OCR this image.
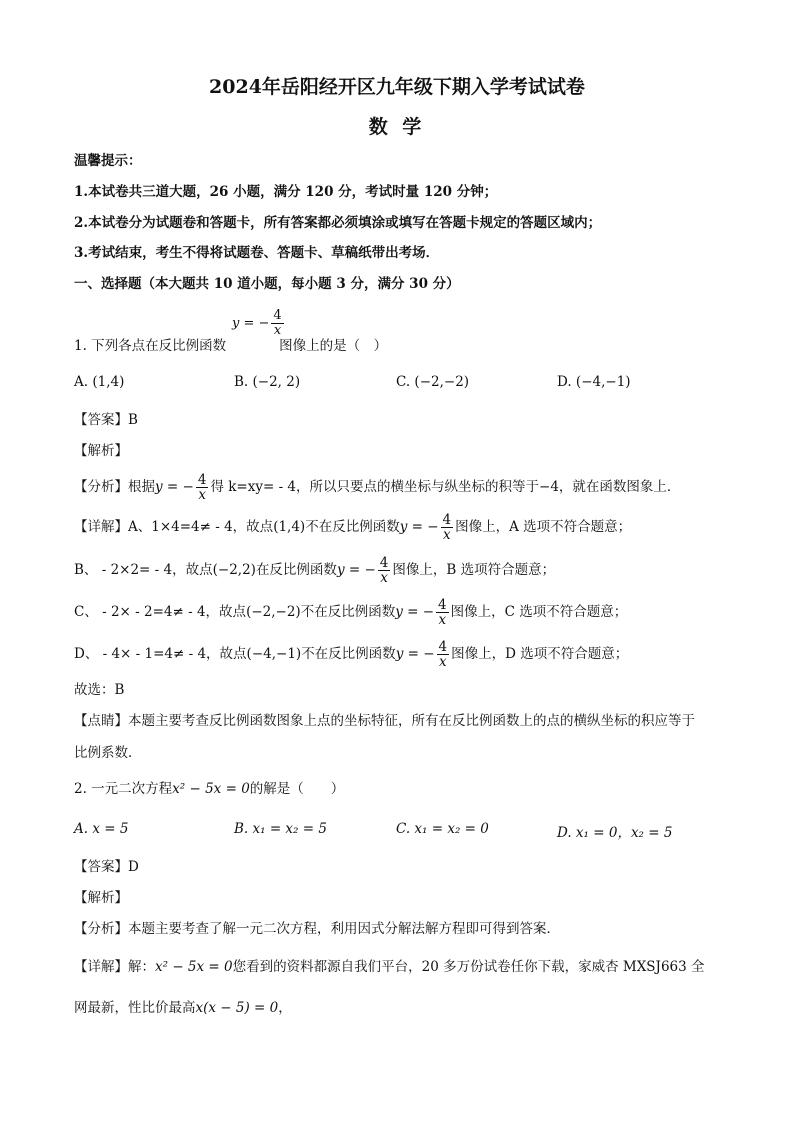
2024年岳阳经开区九年级下期入学考试试卷
数 学
温馨提示：
1.本试卷共三道大题，26 小题，满分 120 分，考试时量 120 分钟；
2.本试卷分为试题卷和答题卡，所有答案都必须填涂或填写在答题卡规定的答题区域内；
3.考试结束，考生不得将试题卷、答题卡、草稿纸带出考场．
一、选择题（本大题共 10 道小题，每小题 3 分，满分 30 分）
y = − $\frac{4}{x}$
1. 下列各点在反比例函数	图像上的是（　）
A. (1,4)	B. (−2, 2)	C. (−2,−2)	D. (−4,−1)
【答案】B
【解析】
【分析】根据y = − $\frac{4}{x}$ 得 k=xy= - 4，所以只要点的横坐标与纵坐标的积等于−4，就在函数图象上．
【详解】A、1×4=4≠ - 4，故点(1,4)不在反比例函数y = − $\frac{4}{x}$ 图像上，A 选项不符合题意；
B、 - 2×2= - 4，故点(−2,2)在反比例函数y = − $\frac{4}{x}$ 图像上，B 选项符合题意；
C、 - 2× - 2=4≠ - 4，故点(−2,−2)不在反比例函数y = − $\frac{4}{x}$ 图像上，C 选项不符合题意；
D、 - 4× - 1=4≠ - 4，故点(−4,−1)不在反比例函数y = − $\frac{4}{x}$ 图像上，D 选项不符合题意；
故选：B
【点睛】本题主要考查反比例函数图象上点的坐标特征，所有在反比例函数上的点的横纵坐标的积应等于
比例系数．
2. 一元二次方程x² − 5x = 0的解是（　　）
A. x = 5	B. x₁ = x₂ = 5	C. x₁ = x₂ = 0	D. x₁ = 0，x₂ = 5
【答案】D
【解析】
【分析】本题主要考查了解一元二次方程，利用因式分解法解方程即可得到答案．
【详解】解：x² − 5x = 0您看到的资料都源自我们平台，20 多万份试卷任你下载，家威杏 MXSJ663 全
网最新，性比价最高x(x − 5) = 0，
